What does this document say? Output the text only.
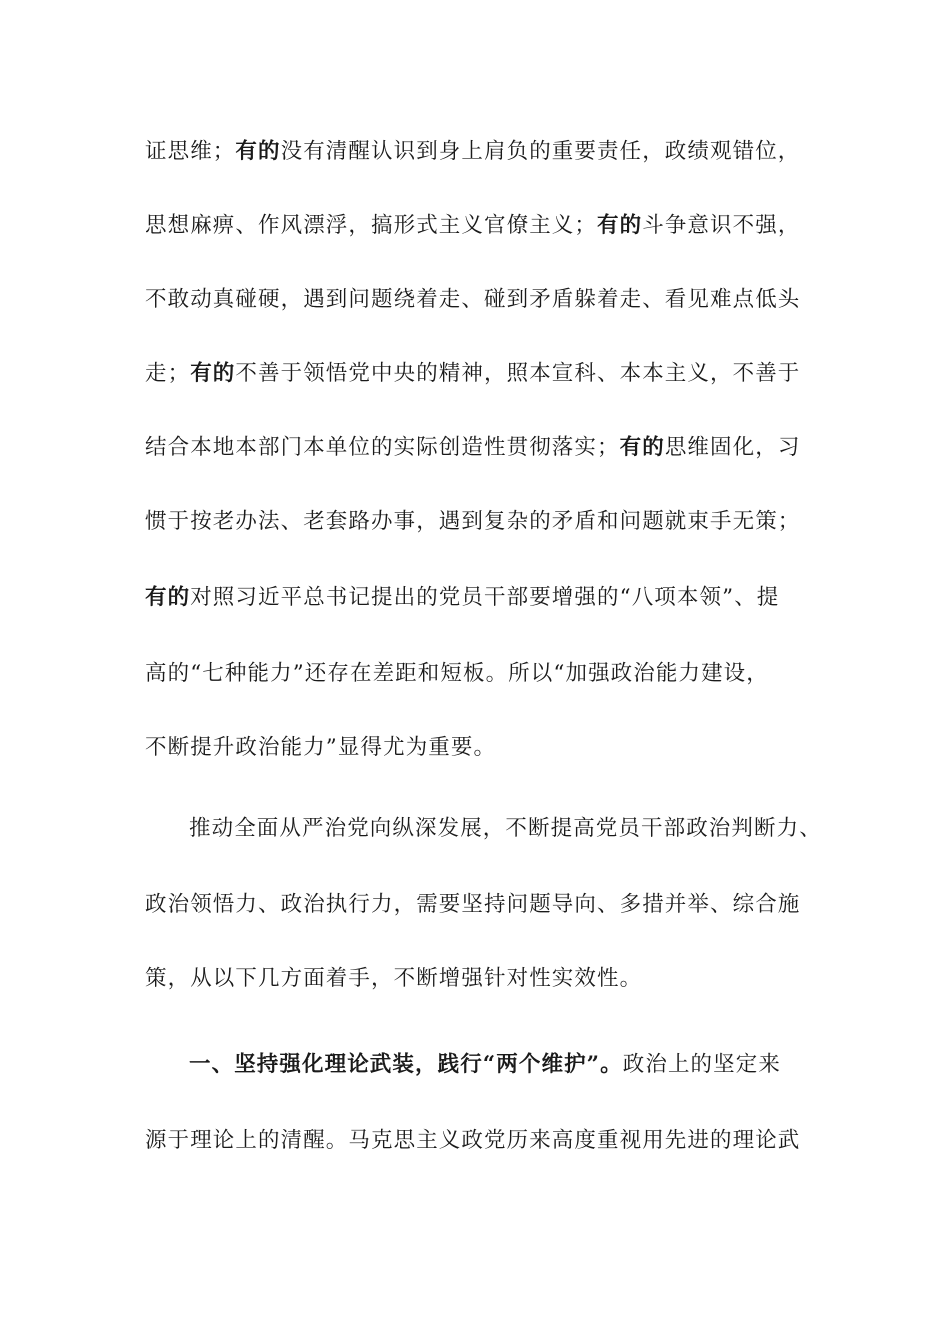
证思维；有的没有清醒认识到身上肩负的重要责任，政绩观错位，
思想麻痹、作风漂浮，搞形式主义官僚主义；有的斗争意识不强，
不敢动真碰硬，遇到问题绕着走、碰到矛盾躲着走、看见难点低头
走；有的不善于领悟党中央的精神，照本宣科、本本主义，不善于
结合本地本部门本单位的实际创造性贯彻落实；有的思维固化，习
惯于按老办法、老套路办事，遇到复杂的矛盾和问题就束手无策；
有的对照习近平总书记提出的党员干部要增强的“八项本领”、提
高的“七种能力”还存在差距和短板。所以“加强政治能力建设，
不断提升政治能力”显得尤为重要。
推动全面从严治党向纵深发展，不断提高党员干部政治判断力、
政治领悟力、政治执行力，需要坚持问题导向、多措并举、综合施
策，从以下几方面着手，不断增强针对性实效性。
一、坚持强化理论武装，践行“两个维护”。政治上的坚定来
源于理论上的清醒。马克思主义政党历来高度重视用先进的理论武
